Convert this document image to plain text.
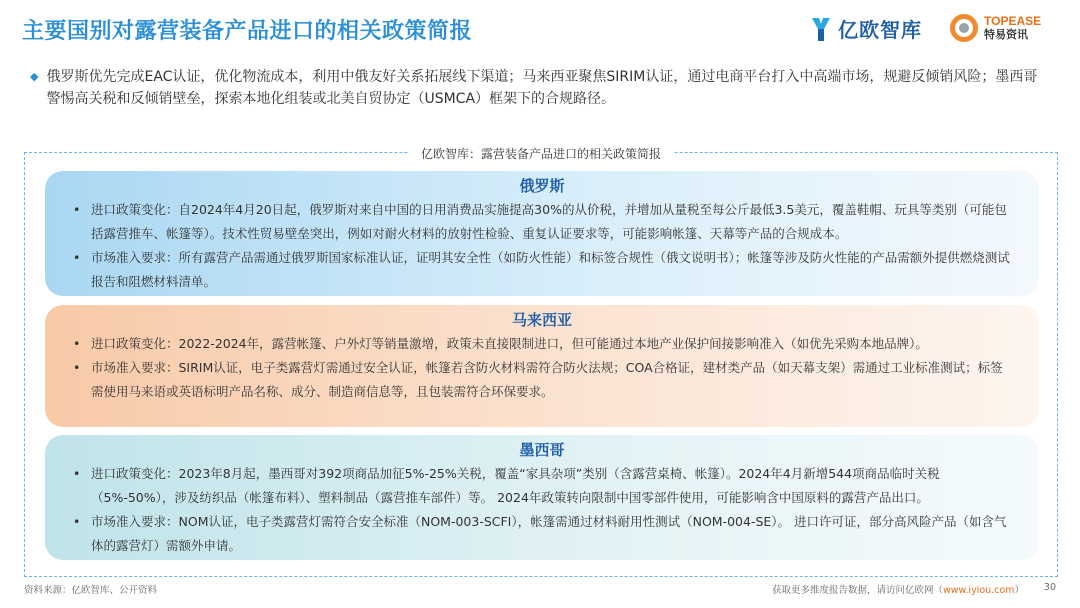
主要国别对露营装备产品进口的相关政策简报	亿欧智库	TOPEASE
特易资讯
◆ 俄罗斯优先完成EAC认证，优化物流成本，利用中俄友好关系拓展线下渠道；马来西亚聚焦SIRIM认证，通过电商平台打入中高端市场，规避反倾销风险；墨西哥警惕高关税和反倾销壁垒，探索本地化组装或北美自贸协定（USMCA）框架下的合规路径。
亿欧智库：露营装备产品进口的相关政策简报
俄罗斯
• 进口政策变化：自2024年4月20日起，俄罗斯对来自中国的日用消费品实施提高30%的从价税，并增加从量税至每公斤最低3.5美元，覆盖鞋帽、玩具等类别（可能包括露营推车、帐篷等）。技术性贸易壁垒突出，例如对耐火材料的放射性检验、重复认证要求等，可能影响帐篷、天幕等产品的合规成本。
• 市场准入要求：所有露营产品需通过俄罗斯国家标准认证，证明其安全性（如防火性能）和标签合规性（俄文说明书）；帐篷等涉及防火性能的产品需额外提供燃烧测试报告和阻燃材料清单。
马来西亚
• 进口政策变化：2022-2024年，露营帐篷、户外灯等销量激增，政策未直接限制进口，但可能通过本地产业保护间接影响准入（如优先采购本地品牌）。
• 市场准入要求：SIRIM认证，电子类露营灯需通过安全认证，帐篷若含防火材料需符合防火法规；COA合格证，建材类产品（如天幕支架）需通过工业标准测试；标签需使用马来语或英语标明产品名称、成分、制造商信息等，且包装需符合环保要求。
墨西哥
• 进口政策变化：2023年8月起，墨西哥对392项商品加征5%-25%关税，覆盖“家具杂项”类别（含露营桌椅、帐篷）。2024年4月新增544项商品临时关税（5%-50%），涉及纺织品（帐篷布料）、塑料制品（露营推车部件）等。 2024年政策转向限制中国零部件使用，可能影响含中国原料的露营产品出口。
• 市场准入要求：NOM认证，电子类露营灯需符合安全标准（NOM-003-SCFI），帐篷需通过材料耐用性测试（NOM-004-SE）。 进口许可证，部分高风险产品（如含气体的露营灯）需额外申请。
资料来源：亿欧智库、公开资料	获取更多维度报告数据，请访问亿欧网（www.iyiou.com） 30
